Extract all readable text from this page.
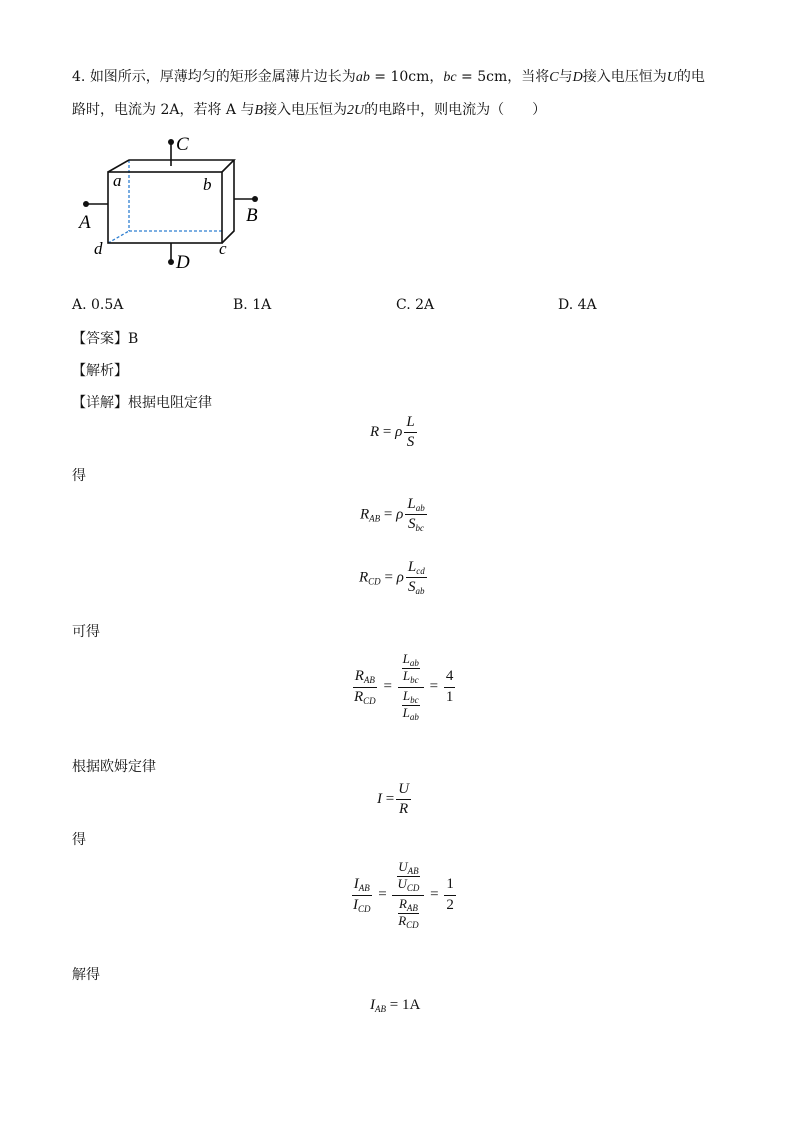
4. 如图所示，厚薄均匀的矩形金属薄片边长为ab = 10cm，bc = 5cm，当将C与D接入电压恒为U的电
路时，电流为 2A，若将 A 与B接入电压恒为2U的电路中，则电流为（　　）
C
a	b
A	B
d	c
D
A. 0.5A	B. 1A	C. 2A	D. 4A
【答案】B
【解析】
【详解】根据电阻定律
R = ρ $\frac{L}{S}$
得
$R_{AB} = \rho \frac{L_{ab}}{S_{bc}}$
$R_{CD} = \rho \frac{L_{cd}}{S_{ab}}$
可得
$\frac{R_{AB}}{R_{CD}} = \frac{\frac{L_{ab}}{L_{bc}}}{\frac{L_{bc}}{L_{ab}}} = \frac{4}{1}$
根据欧姆定律
$I = \frac{U}{R}$
得
$\frac{I_{AB}}{I_{CD}} = \frac{\frac{U_{AB}}{U_{CD}}}{\frac{R_{AB}}{R_{CD}}} = \frac{1}{2}$
解得
$I_{AB} = 1A$
